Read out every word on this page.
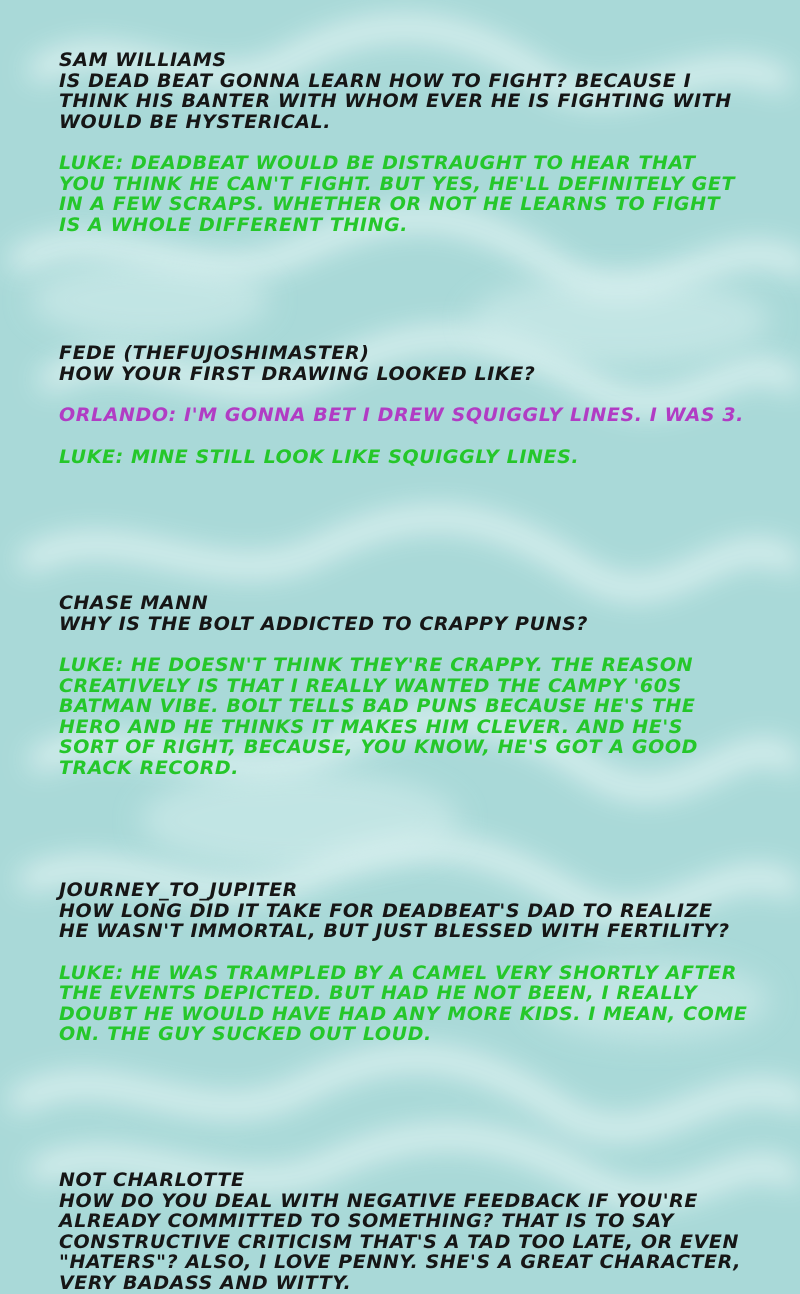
SAM WILLIAMS
IS DEAD BEAT GONNA LEARN HOW TO FIGHT? BECAUSE I THINK HIS BANTER WITH WHOM EVER HE IS FIGHTING WITH WOULD BE HYSTERICAL.
LUKE: DEADBEAT WOULD BE DISTRAUGHT TO HEAR THAT YOU THINK HE CAN'T FIGHT. BUT YES, HE'LL DEFINITELY GET IN A FEW SCRAPS. WHETHER OR NOT HE LEARNS TO FIGHT IS A WHOLE DIFFERENT THING.
FEDE (THEFUJOSHIMASTER)
HOW YOUR FIRST DRAWING LOOKED LIKE?
ORLANDO: I'M GONNA BET I DREW SQUIGGLY LINES. I WAS 3.
LUKE: MINE STILL LOOK LIKE SQUIGGLY LINES.
CHASE MANN
WHY IS THE BOLT ADDICTED TO CRAPPY PUNS?
LUKE: HE DOESN'T THINK THEY'RE CRAPPY. THE REASON CREATIVELY IS THAT I REALLY WANTED THE CAMPY '60S BATMAN VIBE. BOLT TELLS BAD PUNS BECAUSE HE'S THE HERO AND HE THINKS IT MAKES HIM CLEVER. AND HE'S SORT OF RIGHT, BECAUSE, YOU KNOW, HE'S GOT A GOOD TRACK RECORD.
JOURNEY_TO_JUPITER
HOW LONG DID IT TAKE FOR DEADBEAT'S DAD TO REALIZE HE WASN'T IMMORTAL, BUT JUST BLESSED WITH FERTILITY?
LUKE: HE WAS TRAMPLED BY A CAMEL VERY SHORTLY AFTER THE EVENTS DEPICTED. BUT HAD HE NOT BEEN, I REALLY DOUBT HE WOULD HAVE HAD ANY MORE KIDS. I MEAN, COME ON. THE GUY SUCKED OUT LOUD.
NOT CHARLOTTE
HOW DO YOU DEAL WITH NEGATIVE FEEDBACK IF YOU'RE ALREADY COMMITTED TO SOMETHING? THAT IS TO SAY CONSTRUCTIVE CRITICISM THAT'S A TAD TOO LATE, OR EVEN "HATERS"? ALSO, I LOVE PENNY. SHE'S A GREAT CHARACTER, VERY BADASS AND WITTY.
